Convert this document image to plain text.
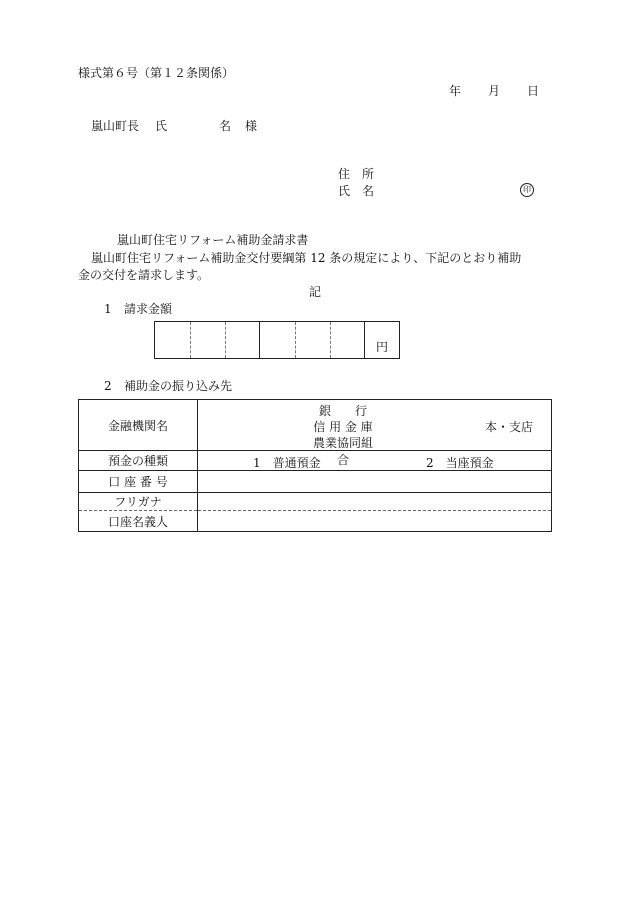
様式第６号（第１２条関係）
年 月 日
嵐山町長 氏	名 様
住　所
氏　名	印
嵐山町住宅リフォーム補助金請求書
嵐山町住宅リフォーム補助金交付要綱第 12 条の規定により、下記のとおり補助
金の交付を請求します。
記
1 請求金額
円
2 補助金の振り込み先
金融機関名	銀　　行
信 用 金 庫
農業協同組合
本・支店

預金の種類	1　普通預金 2　当座預金

口 座 番 号	
フリガナ	
口座名義人	
